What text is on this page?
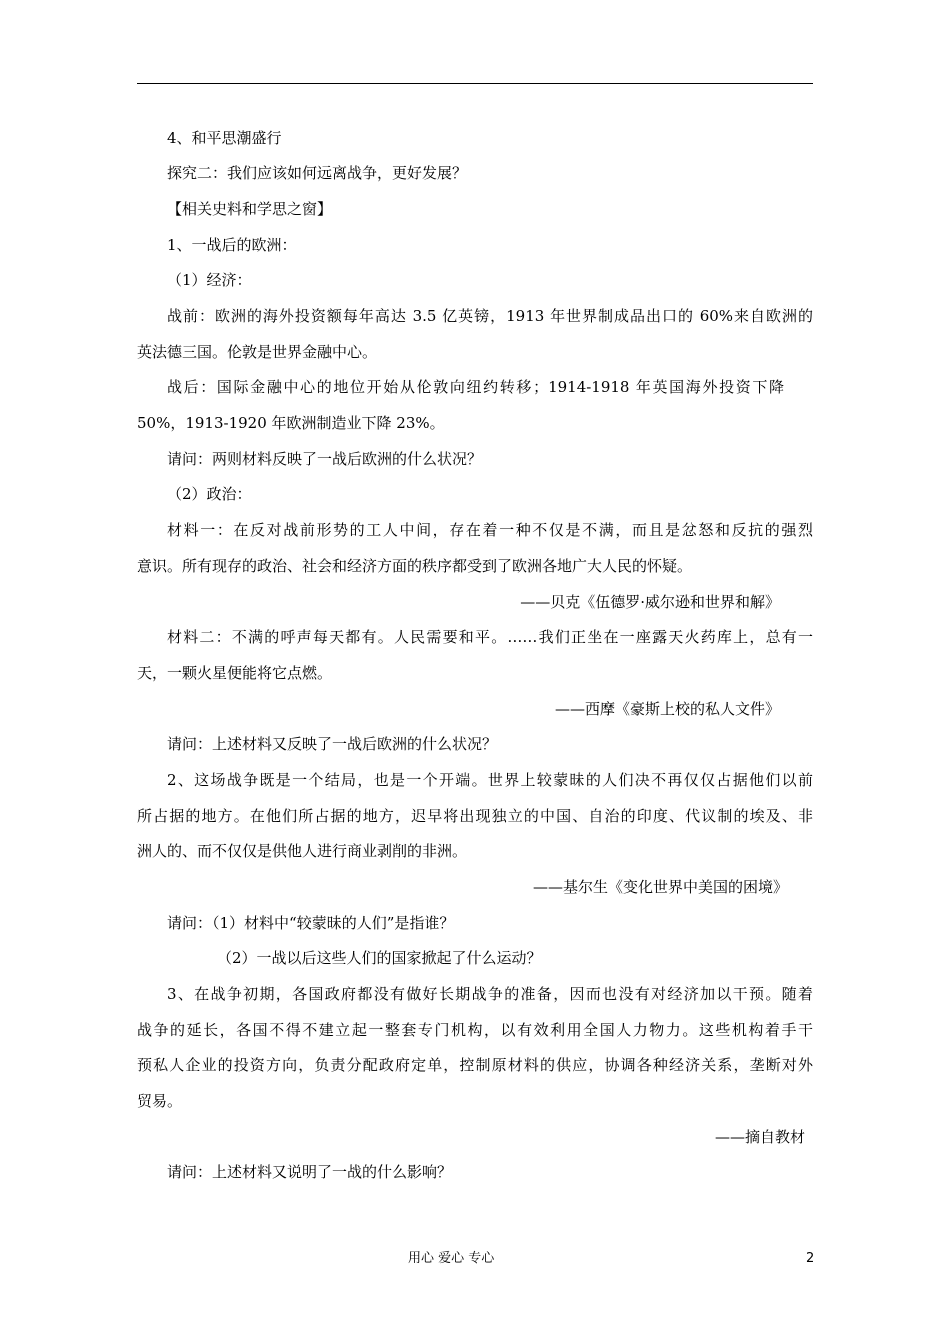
4、和平思潮盛行
探究二：我们应该如何远离战争，更好发展？
【相关史料和学思之窗】
1、一战后的欧洲：
（1）经济：
战前：欧洲的海外投资额每年高达 3.5 亿英镑，1913 年世界制成品出口的 60%来自欧洲的
英法德三国。伦敦是世界金融中心。
战后：国际金融中心的地位开始从伦敦向纽约转移；1914-1918 年英国海外投资下降
50%，1913-1920 年欧洲制造业下降 23%。
请问：两则材料反映了一战后欧洲的什么状况？
（2）政治：
材料一：在反对战前形势的工人中间，存在着一种不仅是不满，而且是忿怒和反抗的强烈
意识。所有现存的政治、社会和经济方面的秩序都受到了欧洲各地广大人民的怀疑。
——贝克《伍德罗·威尔逊和世界和解》
材料二：不满的呼声每天都有。人民需要和平。……我们正坐在一座露天火药库上，总有一
天，一颗火星便能将它点燃。
——西摩《豪斯上校的私人文件》
请问：上述材料又反映了一战后欧洲的什么状况？
2、这场战争既是一个结局，也是一个开端。世界上较蒙昧的人们决不再仅仅占据他们以前
所占据的地方。在他们所占据的地方，迟早将出现独立的中国、自治的印度、代议制的埃及、非
洲人的、而不仅仅是供他人进行商业剥削的非洲。
——基尔生《变化世界中美国的困境》
请问：（1）材料中“较蒙昧的人们”是指谁？
（2）一战以后这些人们的国家掀起了什么运动？
3、在战争初期，各国政府都没有做好长期战争的准备，因而也没有对经济加以干预。随着
战争的延长，各国不得不建立起一整套专门机构，以有效利用全国人力物力。这些机构着手干
预私人企业的投资方向，负责分配政府定单，控制原材料的供应，协调各种经济关系，垄断对外
贸易。
——摘自教材
请问：上述材料又说明了一战的什么影响？
用心 爱心 专心	2
